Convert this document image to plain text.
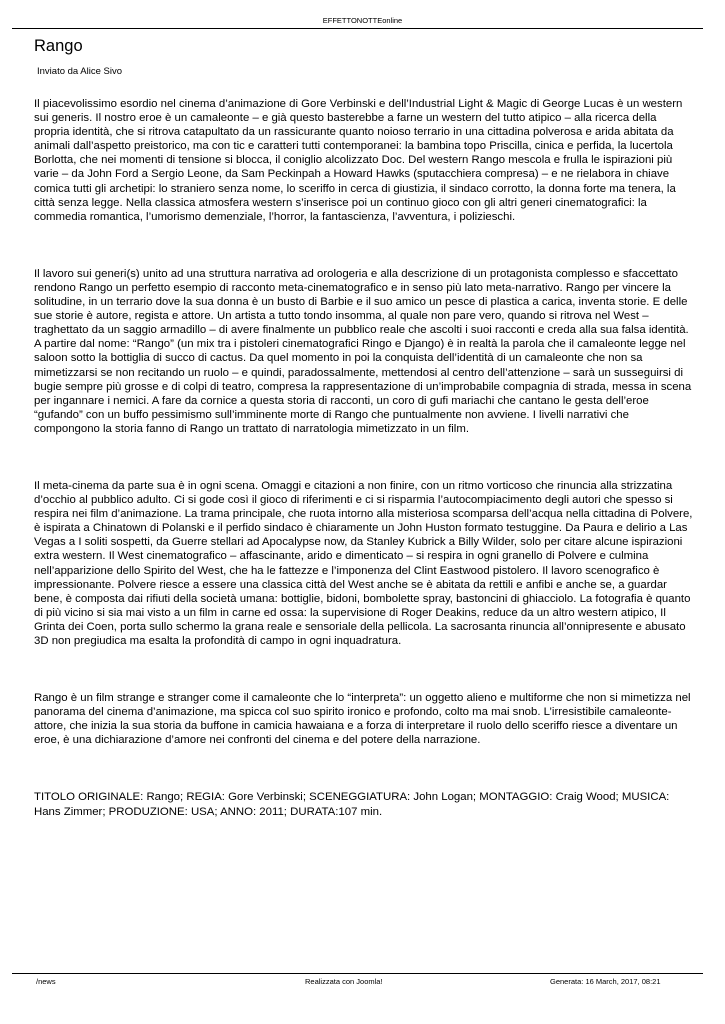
EFFETTONOTTEonline
Rango
Inviato da Alice Sivo

Il piacevolissimo esordio nel cinema d’animazione di Gore Verbinski e dell’Industrial Light & Magic di George Lucas è un western sui generis. Il nostro eroe è un camaleonte – e già questo basterebbe a farne un western del tutto atipico – alla ricerca della propria identità, che si ritrova catapultato da un rassicurante quanto noioso terrario in una cittadina polverosa e arida abitata da animali dall’aspetto preistorico, ma con tic e caratteri tutti contemporanei: la bambina topo Priscilla, cinica e perfida, la lucertola Borlotta, che nei momenti di tensione si blocca, il coniglio alcolizzato Doc. Del western Rango mescola e frulla le ispirazioni più varie – da John Ford a Sergio Leone, da Sam Peckinpah a Howard Hawks (sputacchiera compresa) – e ne rielabora in chiave comica tutti gli archetipi: lo straniero senza nome, lo sceriffo in cerca di giustizia, il sindaco corrotto, la donna forte ma tenera, la città senza legge. Nella classica atmosfera western s’inserisce poi un continuo gioco con gli altri generi cinematografici: la commedia romantica, l’umorismo demenziale, l’horror, la fantascienza, l’avventura, i polizieschi.

Il lavoro sui generi(s) unito ad una struttura narrativa ad orologeria e alla descrizione di un protagonista complesso e sfaccettato rendono Rango un perfetto esempio di racconto meta-cinematografico e in senso più lato meta-narrativo. Rango per vincere la solitudine, in un terrario dove la sua donna è un busto di Barbie e il suo amico un pesce di plastica a carica, inventa storie. E delle sue storie è autore, regista e attore. Un artista a tutto tondo insomma, al quale non pare vero, quando si ritrova nel West – traghettato da un saggio armadillo – di avere finalmente un pubblico reale che ascolti i suoi racconti e creda alla sua falsa identità. A partire dal nome: “Rango” (un mix tra i pistoleri cinematografici Ringo e Django) è in realtà la parola che il camaleonte legge nel saloon sotto la bottiglia di succo di cactus. Da quel momento in poi la conquista dell’identità di un camaleonte che non sa mimetizzarsi se non recitando un ruolo – e quindi, paradossalmente, mettendosi al centro dell’attenzione – sarà un susseguirsi di bugie sempre più grosse e di colpi di teatro, compresa la rappresentazione di un’improbabile compagnia di strada, messa in scena per ingannare i nemici. A fare da cornice a questa storia di racconti, un coro di gufi mariachi che cantano le gesta dell’eroe “gufando” con un buffo pessimismo sull’imminente morte di Rango che puntualmente non avviene. I livelli narrativi che compongono la storia fanno di Rango un trattato di narratologia mimetizzato in un film.

Il meta-cinema da parte sua è in ogni scena. Omaggi e citazioni a non finire, con un ritmo vorticoso che rinuncia alla strizzatina d’occhio al pubblico adulto. Ci si gode così il gioco di riferimenti e ci si risparmia l’autocompiacimento degli autori che spesso si respira nei film d’animazione. La trama principale, che ruota intorno alla misteriosa scomparsa dell’acqua nella cittadina di Polvere, è ispirata a Chinatown di Polanski e il perfido sindaco è chiaramente un John Huston formato testuggine. Da Paura e delirio a Las Vegas a I soliti sospetti, da Guerre stellari ad Apocalypse now, da Stanley Kubrick a Billy Wilder, solo per citare alcune ispirazioni extra western. Il West cinematografico – affascinante, arido e dimenticato – si respira in ogni granello di Polvere e culmina nell’apparizione dello Spirito del West, che ha le fattezze e l’imponenza del Clint Eastwood pistolero. Il lavoro scenografico è impressionante. Polvere riesce a essere una classica città del West anche se è abitata da rettili e anfibi e anche se, a guardar bene, è composta dai rifiuti della società umana: bottiglie, bidoni, bombolette spray, bastoncini di ghiacciolo. La fotografia è quanto di più vicino si sia mai visto a un film in carne ed ossa: la supervisione di Roger Deakins, reduce da un altro western atipico, Il Grinta dei Coen, porta sullo schermo la grana reale e sensoriale della pellicola. La sacrosanta rinuncia all’onnipresente e abusato 3D non pregiudica ma esalta la profondità di campo in ogni inquadratura.

Rango è un film strange e stranger come il camaleonte che lo “interpreta”: un oggetto alieno e multiforme che non si mimetizza nel panorama del cinema d’animazione, ma spicca col suo spirito ironico e profondo, colto ma mai snob. L’irresistibile camaleonte-attore, che inizia la sua storia da buffone in camicia hawaiana e a forza di interpretare il ruolo dello sceriffo riesce a diventare un eroe, è una dichiarazione d’amore nei confronti del cinema e del potere della narrazione.

TITOLO ORIGINALE: Rango; REGIA: Gore Verbinski; SCENEGGIATURA: John Logan; MONTAGGIO: Craig Wood; MUSICA: Hans Zimmer; PRODUZIONE: USA; ANNO: 2011; DURATA:107 min.

/news	Realizzata con Joomla!	Generata: 16 March, 2017, 08:21
